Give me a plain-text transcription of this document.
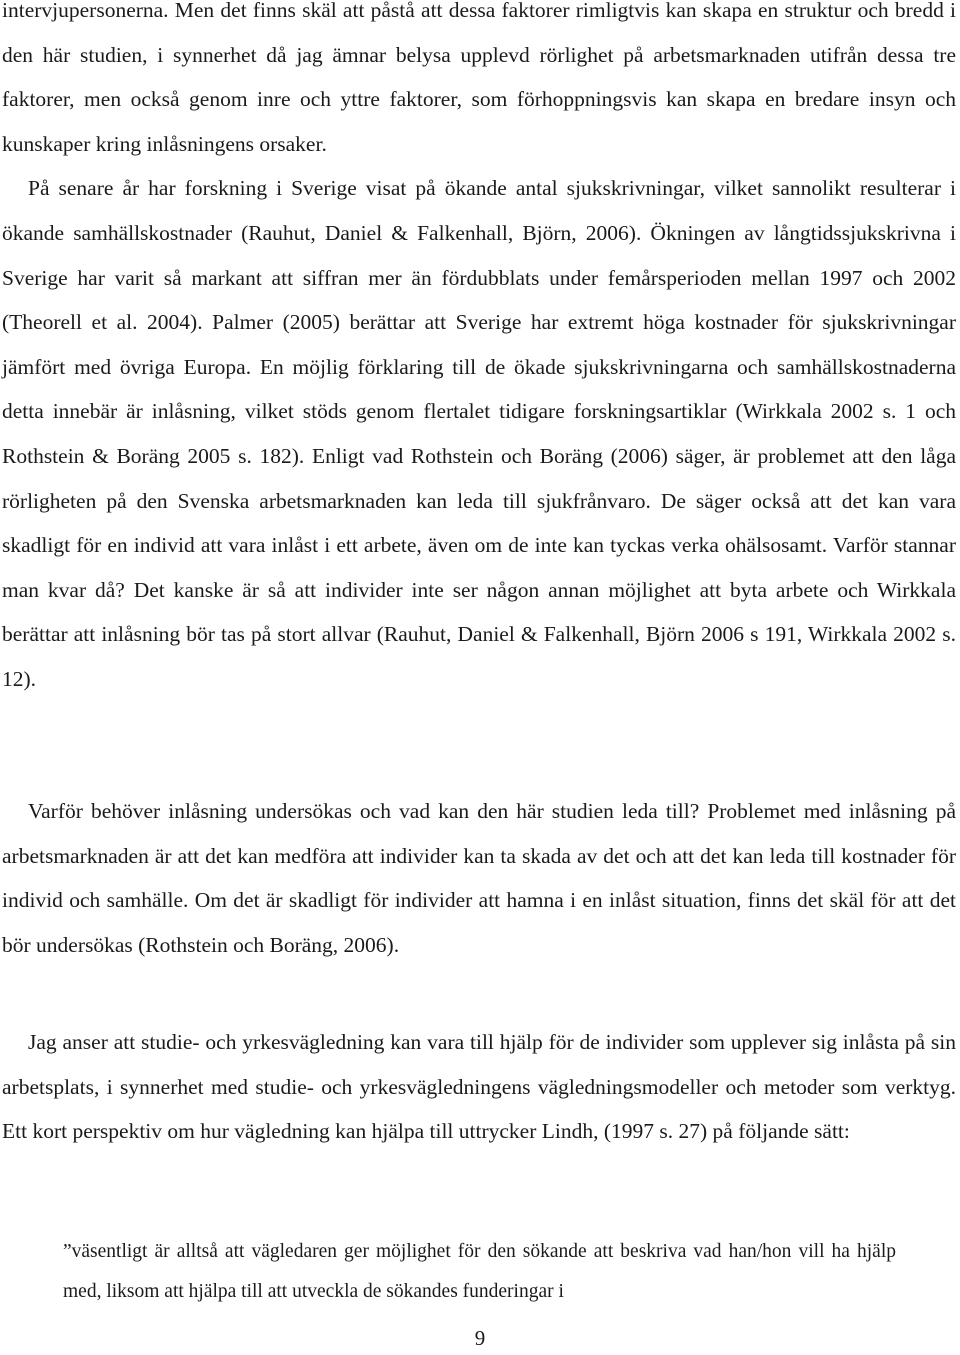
intervjupersonerna. Men det finns skäl att påstå att dessa faktorer rimligtvis kan skapa en struktur och bredd i den här studien, i synnerhet då jag ämnar belysa upplevd rörlighet på arbetsmarknaden utifrån dessa tre faktorer, men också genom inre och yttre faktorer, som förhoppningsvis kan skapa en bredare insyn och kunskaper kring inlåsningens orsaker.
På senare år har forskning i Sverige visat på ökande antal sjukskrivningar, vilket sannolikt resulterar i ökande samhällskostnader (Rauhut, Daniel & Falkenhall, Björn, 2006). Ökningen av långtidssjukskrivna i Sverige har varit så markant att siffran mer än fördubblats under femårsperioden mellan 1997 och 2002 (Theorell et al. 2004). Palmer (2005) berättar att Sverige har extremt höga kostnader för sjukskrivningar jämfört med övriga Europa. En möjlig förklaring till de ökade sjukskrivningarna och samhällskostnaderna detta innebär är inlåsning, vilket stöds genom flertalet tidigare forskningsartiklar (Wirkkala 2002 s. 1 och Rothstein & Boräng 2005 s. 182). Enligt vad Rothstein och Boräng (2006) säger, är problemet att den låga rörligheten på den Svenska arbetsmarknaden kan leda till sjukfrånvaro. De säger också att det kan vara skadligt för en individ att vara inlåst i ett arbete, även om de inte kan tyckas verka ohälsosamt. Varför stannar man kvar då? Det kanske är så att individer inte ser någon annan möjlighet att byta arbete och Wirkkala berättar att inlåsning bör tas på stort allvar (Rauhut, Daniel & Falkenhall, Björn 2006 s 191, Wirkkala 2002 s. 12).

Varför behöver inlåsning undersökas och vad kan den här studien leda till? Problemet med inlåsning på arbetsmarknaden är att det kan medföra att individer kan ta skada av det och att det kan leda till kostnader för individ och samhälle. Om det är skadligt för individer att hamna i en inlåst situation, finns det skäl för att det bör undersökas (Rothstein och Boräng, 2006).

Jag anser att studie- och yrkesvägledning kan vara till hjälp för de individer som upplever sig inlåsta på sin arbetsplats, i synnerhet med studie- och yrkesvägledningens vägledningsmodeller och metoder som verktyg. Ett kort perspektiv om hur vägledning kan hjälpa till uttrycker Lindh, (1997 s. 27) på följande sätt:

”väsentligt är alltså att vägledaren ger möjlighet för den sökande att beskriva vad han/hon vill ha hjälp med, liksom att hjälpa till att utveckla de sökandes funderingar i

9
